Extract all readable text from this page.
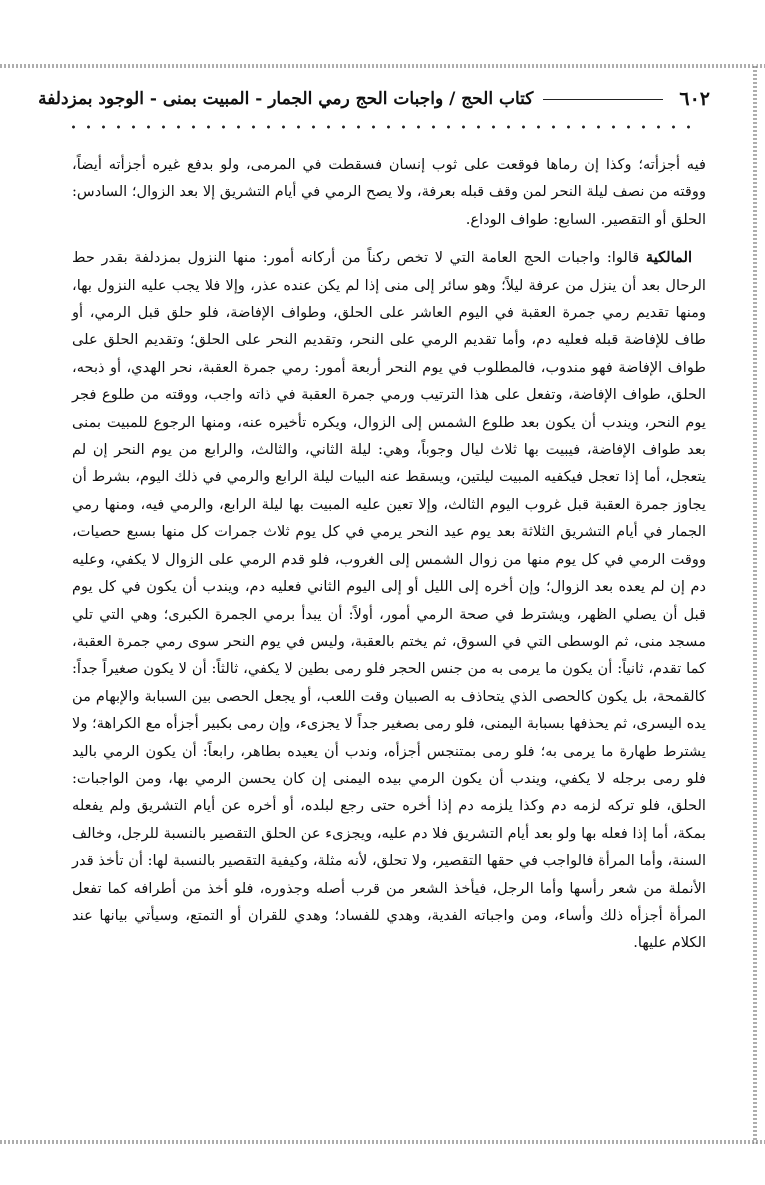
٦٠٢
كتاب الحج / واجبات الحج رمي الجمار - المبيت بمنى - الوجود بمزدلفة

فيه أجزأته؛ وكذا إن رماها فوقعت على ثوب إنسان فسقطت في المرمى، ولو بدفع غيره أجزأته أيضاً، ووقته من نصف ليلة النحر لمن وقف قبله بعرفة، ولا يصح الرمي في أيام التشريق إلا بعد الزوال؛ السادس: الحلق أو التقصير. السابع: طواف الوداع.

المالكية قالوا: واجبات الحج العامة التي لا تخص ركناً من أركانه أمور: منها النزول بمزدلفة بقدر حط الرحال بعد أن ينزل من عرفة ليلاً؛ وهو سائر إلى منى إذا لم يكن عنده عذر، وإلا فلا يجب عليه النزول بها، ومنها تقديم رمي جمرة العقبة في اليوم العاشر على الحلق، وطواف الإفاضة، فلو حلق قبل الرمي، أو طاف للإفاضة قبله فعليه دم، وأما تقديم الرمي على النحر، وتقديم النحر على الحلق؛ وتقديم الحلق على طواف الإفاضة فهو مندوب، فالمطلوب في يوم النحر أربعة أمور: رمي جمرة العقبة، نحر الهدي، أو ذبحه، الحلق، طواف الإفاضة، وتفعل على هذا الترتيب ورمي جمرة العقبة في ذاته واجب، ووقته من طلوع فجر يوم النحر، ويندب أن يكون بعد طلوع الشمس إلى الزوال، ويكره تأخيره عنه، ومنها الرجوع للمبيت بمنى بعد طواف الإفاضة، فيبيت بها ثلاث ليال وجوباً، وهي: ليلة الثاني، والثالث، والرابع من يوم النحر إن لم يتعجل، أما إذا تعجل فيكفيه المبيت ليلتين، ويسقط عنه البيات ليلة الرابع والرمي في ذلك اليوم، بشرط أن يجاوز جمرة العقبة قبل غروب اليوم الثالث، وإلا تعين عليه المبيت بها ليلة الرابع، والرمي فيه، ومنها رمي الجمار في أيام التشريق الثلاثة بعد يوم عيد النحر يرمي في كل يوم ثلاث جمرات كل منها بسبع حصيات، ووقت الرمي في كل يوم منها من زوال الشمس إلى الغروب، فلو قدم الرمي على الزوال لا يكفي، وعليه دم إن لم يعده بعد الزوال؛ وإن أخره إلى الليل أو إلى اليوم الثاني فعليه دم، ويندب أن يكون في كل يوم قبل أن يصلي الظهر، ويشترط في صحة الرمي أمور، أولاً: أن يبدأ برمي الجمرة الكبرى؛ وهي التي تلي مسجد منى، ثم الوسطى التي في السوق، ثم يختم بالعقبة، وليس في يوم النحر سوى رمي جمرة العقبة، كما تقدم، ثانياً: أن يكون ما يرمى به من جنس الحجر فلو رمى بطين لا يكفي، ثالثاً: أن لا يكون صغيراً جداً: كالقمحة، بل يكون كالحصى الذي يتحاذف به الصبيان وقت اللعب، أو يجعل الحصى بين السبابة والإبهام من يده اليسرى، ثم يحذفها بسبابة اليمنى، فلو رمى بصغير جداً لا يجزىء، وإن رمى بكبير أجزأه مع الكراهة؛ ولا يشترط طهارة ما يرمى به؛ فلو رمى بمتنجس أجزأه، وندب أن يعيده بطاهر، رابعاً: أن يكون الرمي باليد فلو رمى برجله لا يكفي، ويندب أن يكون الرمي بيده اليمنى إن كان يحسن الرمي بها، ومن الواجبات: الحلق، فلو تركه لزمه دم وكذا يلزمه دم إذا أخره حتى رجع لبلده، أو أخره عن أيام التشريق ولم يفعله بمكة، أما إذا فعله بها ولو بعد أيام التشريق فلا دم عليه، ويجزىء عن الحلق التقصير بالنسبة للرجل، وخالف السنة، وأما المرأة فالواجب في حقها التقصير، ولا تحلق، لأنه مثلة، وكيفية التقصير بالنسبة لها: أن تأخذ قدر الأنملة من شعر رأسها وأما الرجل، فيأخذ الشعر من قرب أصله وجذوره، فلو أخذ من أطرافه كما تفعل المرأة أجزأه ذلك وأساء، ومن واجباته الفدية، وهدي للفساد؛ وهدي للقران أو التمتع، وسيأتي بيانها عند الكلام عليها.
